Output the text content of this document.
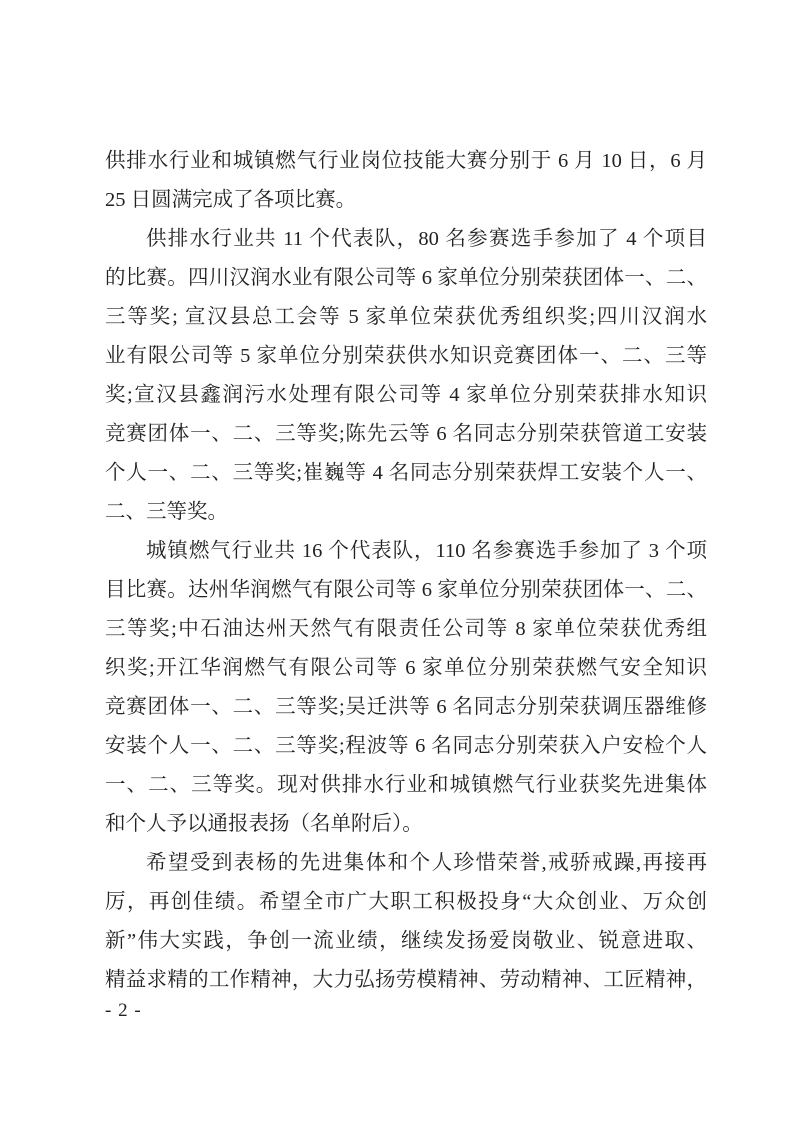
供排水行业和城镇燃气行业岗位技能大赛分别于 6 月 10 日，6 月
25 日圆满完成了各项比赛。

供排水行业共 11 个代表队，80 名参赛选手参加了 4 个项目
的比赛。四川汉润水业有限公司等 6 家单位分别荣获团体一、二、
三等奖; 宣汉县总工会等 5 家单位荣获优秀组织奖;四川汉润水
业有限公司等 5 家单位分别荣获供水知识竞赛团体一、二、三等
奖;宣汉县鑫润污水处理有限公司等 4 家单位分别荣获排水知识
竞赛团体一、二、三等奖;陈先云等 6 名同志分别荣获管道工安装
个人一、二、三等奖;崔巍等 4 名同志分别荣获焊工安装个人一、
二、三等奖。

城镇燃气行业共 16 个代表队，110 名参赛选手参加了 3 个项
目比赛。达州华润燃气有限公司等 6 家单位分别荣获团体一、二、
三等奖;中石油达州天然气有限责任公司等 8 家单位荣获优秀组
织奖;开江华润燃气有限公司等 6 家单位分别荣获燃气安全知识
竞赛团体一、二、三等奖;吴迁洪等 6 名同志分别荣获调压器维修
安装个人一、二、三等奖;程波等 6 名同志分别荣获入户安检个人
一、二、三等奖。现对供排水行业和城镇燃气行业获奖先进集体
和个人予以通报表扬（名单附后）。

希望受到表杨的先进集体和个人珍惜荣誉,戒骄戒躁,再接再
厉，再创佳绩。希望全市广大职工积极投身“大众创业、万众创
新”伟大实践，争创一流业绩，继续发扬爱岗敬业、锐意进取、
精益求精的工作精神，大力弘扬劳模精神、劳动精神、工匠精神，

- 2 -
